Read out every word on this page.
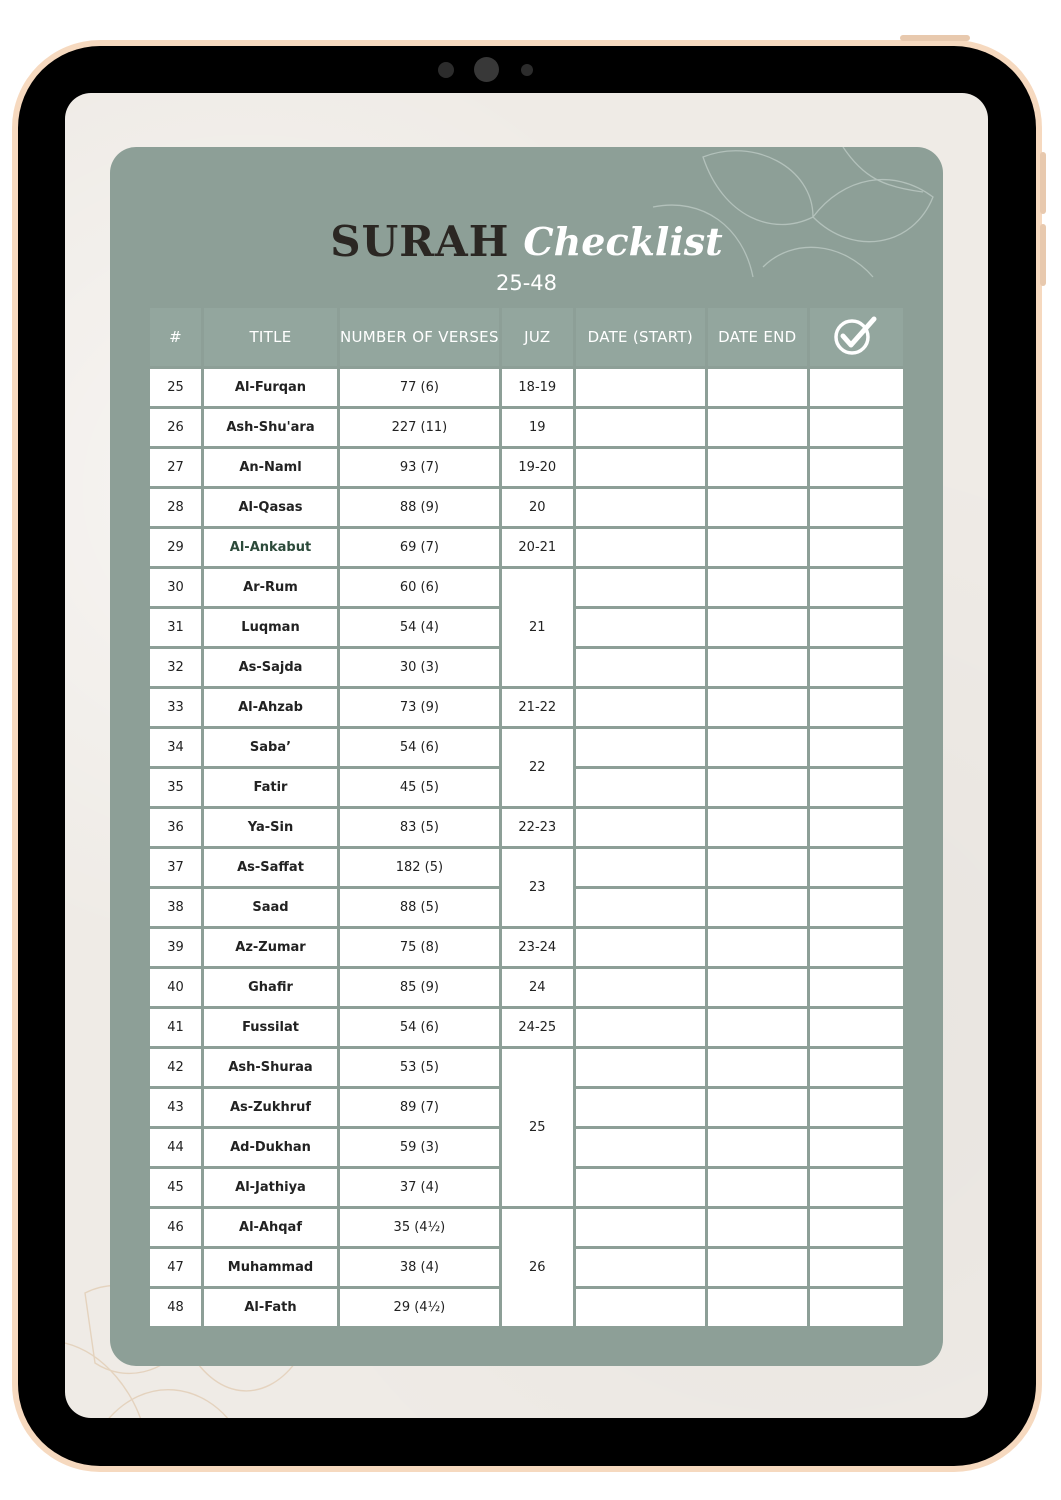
SURAH Checklist
25-48
#	TITLE	NUMBER OF VERSES	JUZ	DATE (START)	DATE END	
25	Al-Furqan	77 (6)	18-19			
26	Ash-Shu'ara	227 (11)	19			
27	An-Naml	93 (7)	19-20			
28	Al-Qasas	88 (9)	20			
29	Al-Ankabut	69 (7)	20-21			
30	Ar-Rum	60 (6)	21			
31	Luqman	54 (4)				
32	As-Sajda	30 (3)				
33	Al-Ahzab	73 (9)	21-22			
34	Saba’	54 (6)	22			
35	Fatir	45 (5)				
36	Ya-Sin	83 (5)	22-23			
37	As-Saffat	182 (5)	23			
38	Saad	88 (5)				
39	Az-Zumar	75 (8)	23-24			
40	Ghafir	85 (9)	24			
41	Fussilat	54 (6)	24-25			
42	Ash-Shuraa	53 (5)	25			
43	As-Zukhruf	89 (7)				
44	Ad-Dukhan	59 (3)				
45	Al-Jathiya	37 (4)				
46	Al-Ahqaf	35 (4½)	26			
47	Muhammad	38 (4)				
48	Al-Fath	29 (4½)				
